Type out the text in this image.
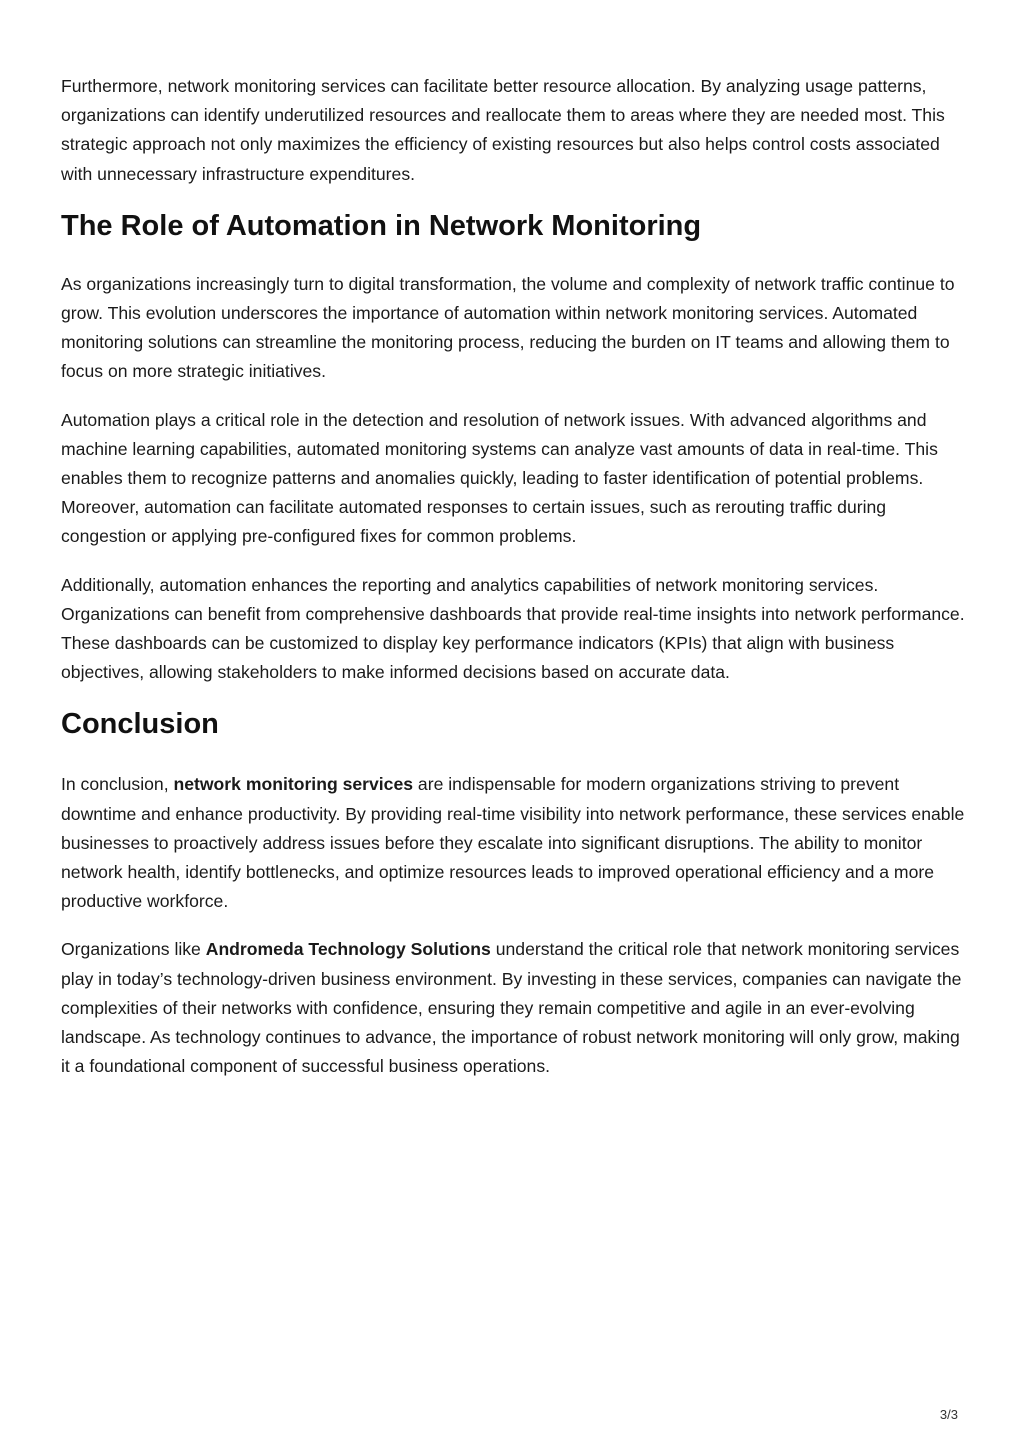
Furthermore, network monitoring services can facilitate better resource allocation. By analyzing usage patterns, organizations can identify underutilized resources and reallocate them to areas where they are needed most. This strategic approach not only maximizes the efficiency of existing resources but also helps control costs associated with unnecessary infrastructure expenditures.

The Role of Automation in Network Monitoring

As organizations increasingly turn to digital transformation, the volume and complexity of network traffic continue to grow. This evolution underscores the importance of automation within network monitoring services. Automated monitoring solutions can streamline the monitoring process, reducing the burden on IT teams and allowing them to focus on more strategic initiatives.

Automation plays a critical role in the detection and resolution of network issues. With advanced algorithms and machine learning capabilities, automated monitoring systems can analyze vast amounts of data in real-time. This enables them to recognize patterns and anomalies quickly, leading to faster identification of potential problems. Moreover, automation can facilitate automated responses to certain issues, such as rerouting traffic during congestion or applying pre-configured fixes for common problems.

Additionally, automation enhances the reporting and analytics capabilities of network monitoring services. Organizations can benefit from comprehensive dashboards that provide real-time insights into network performance. These dashboards can be customized to display key performance indicators (KPIs) that align with business objectives, allowing stakeholders to make informed decisions based on accurate data.

Conclusion

In conclusion, network monitoring services are indispensable for modern organizations striving to prevent downtime and enhance productivity. By providing real-time visibility into network performance, these services enable businesses to proactively address issues before they escalate into significant disruptions. The ability to monitor network health, identify bottlenecks, and optimize resources leads to improved operational efficiency and a more productive workforce.

Organizations like Andromeda Technology Solutions understand the critical role that network monitoring services play in today’s technology-driven business environment. By investing in these services, companies can navigate the complexities of their networks with confidence, ensuring they remain competitive and agile in an ever-evolving landscape. As technology continues to advance, the importance of robust network monitoring will only grow, making it a foundational component of successful business operations.

3/3
